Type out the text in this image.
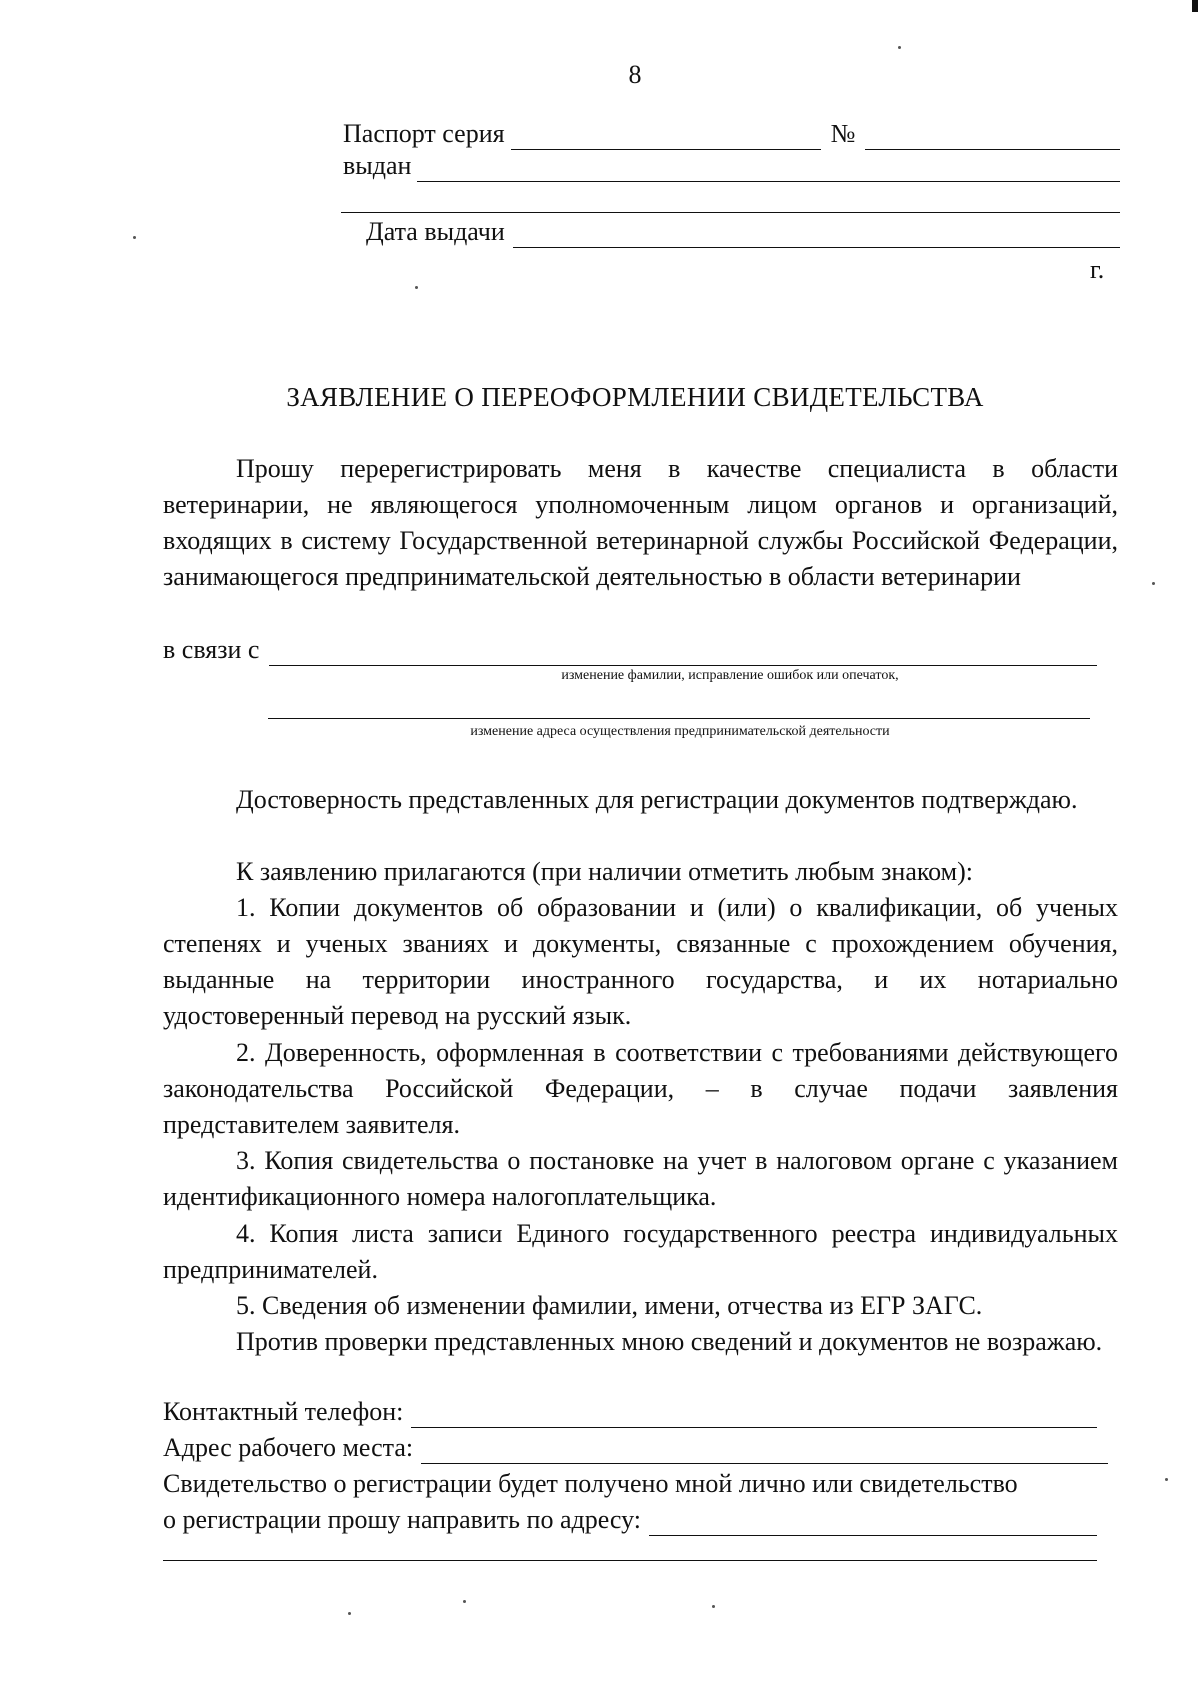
8
Паспорт серия	№
выдан
Дата выдачи
г.
ЗАЯВЛЕНИЕ О ПЕРЕОФОРМЛЕНИИ СВИДЕТЕЛЬСТВА
Прошу перерегистрировать меня в качестве специалиста в области ветеринарии, не являющегося уполномоченным лицом органов и организаций, входящих в систему Государственной ветеринарной службы Российской Федерации, занимающегося предпринимательской деятельностью в области ветеринарии
в связи с
изменение фамилии, исправление ошибок или опечаток,
изменение адреса осуществления предпринимательской деятельности
Достоверность представленных для регистрации документов подтверждаю.
К заявлению прилагаются (при наличии отметить любым знаком):
1. Копии документов об образовании и (или) о квалификации, об ученых степенях и ученых званиях и документы, связанные с прохождением обучения, выданные на территории иностранного государства, и их нотариально удостоверенный перевод на русский язык.
2. Доверенность, оформленная в соответствии с требованиями действующего законодательства Российской Федерации, – в случае подачи заявления представителем заявителя.
3. Копия свидетельства о постановке на учет в налоговом органе с указанием идентификационного номера налогоплательщика.
4. Копия листа записи Единого государственного реестра индивидуальных предпринимателей.
5. Сведения об изменении фамилии, имени, отчества из ЕГР ЗАГС.
Против проверки представленных мною сведений и документов не возражаю.
Контактный телефон:
Адрес рабочего места:
Свидетельство о регистрации будет получено мной лично или свидетельство
о регистрации прошу направить по адресу:
